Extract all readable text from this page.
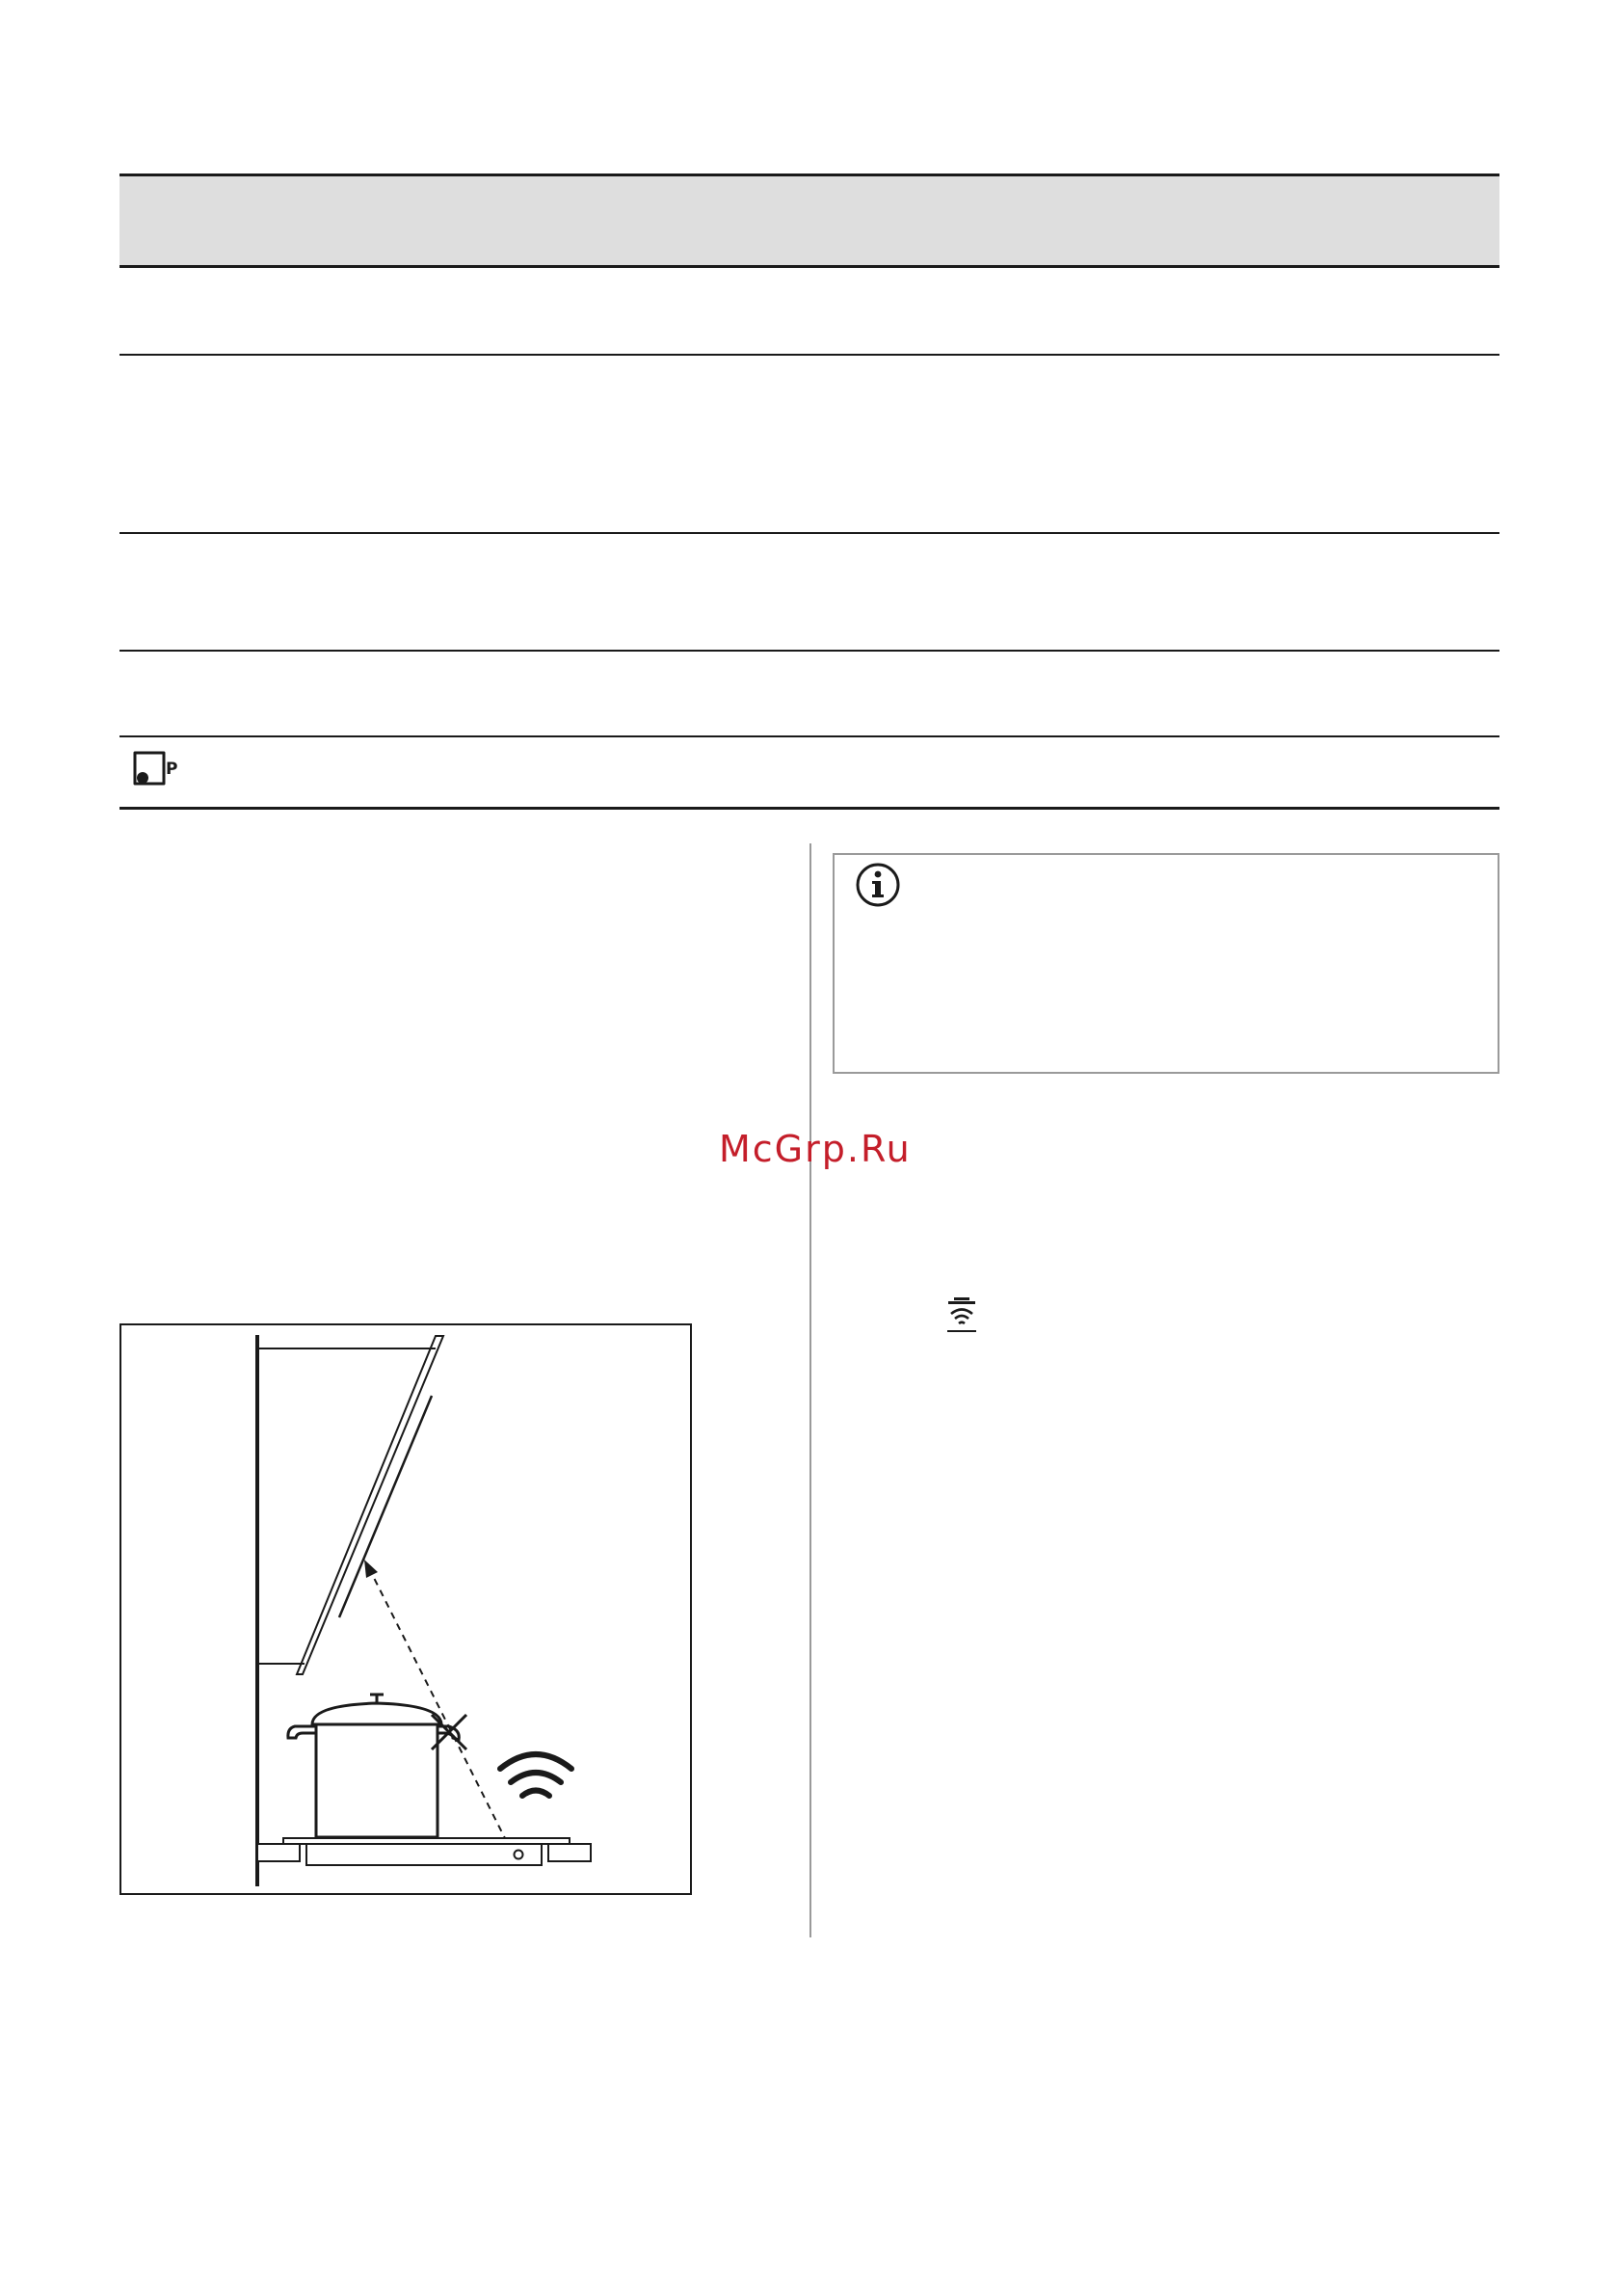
P
McGrp.Ru
